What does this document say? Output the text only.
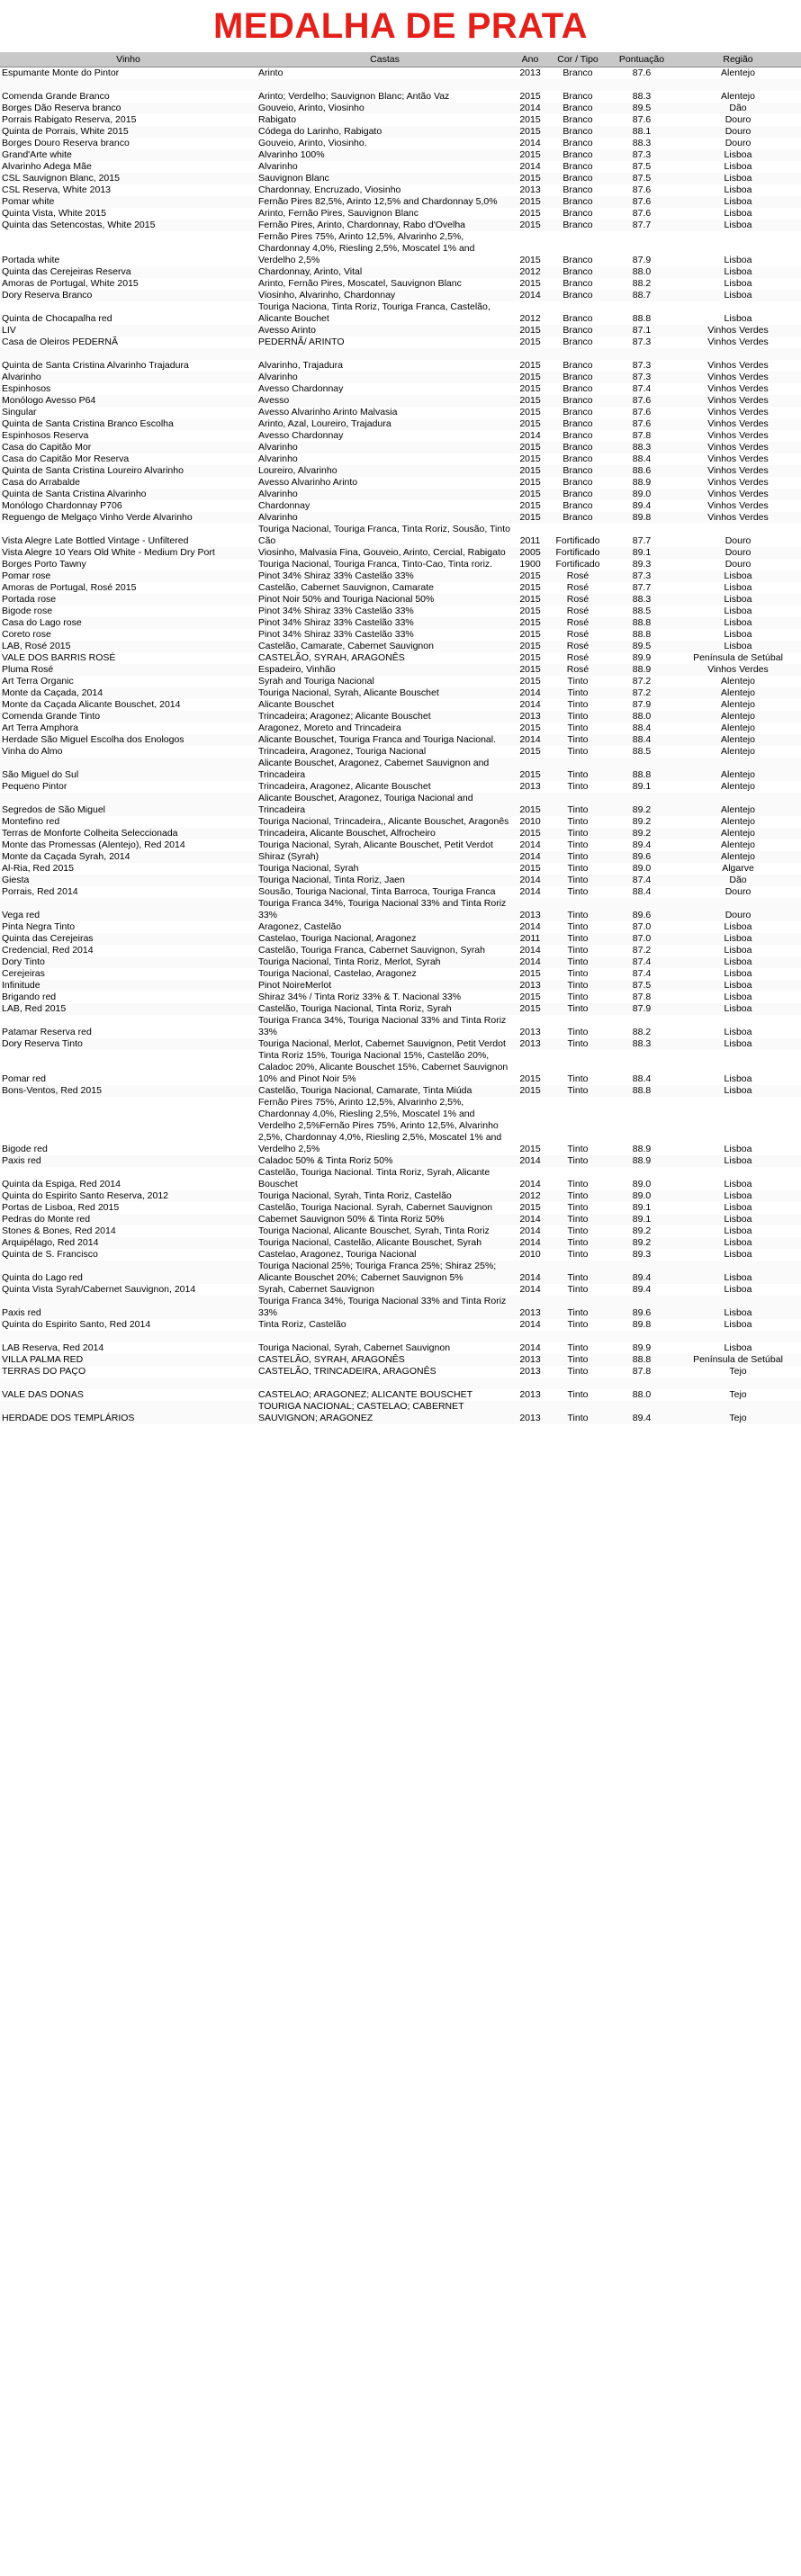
MEDALHA DE PRATA
Vinho	Castas	Ano	Cor / Tipo	Pontuação	Região
Espumante Monte do Pintor	Arinto	2013	Branco	87.6	Alentejo

Comenda Grande Branco	Arinto; Verdelho; Sauvignon Blanc; Antão Vaz	2015	Branco	88.3	Alentejo
Borges Dão Reserva branco	Gouveio, Arinto, Viosinho	2014	Branco	89.5	Dão
Porrais Rabigato Reserva, 2015	Rabigato	2015	Branco	87.6	Douro
Quinta de Porrais, White 2015	Códega do Larinho, Rabigato	2015	Branco	88.1	Douro
Borges Douro Reserva branco	Gouveio, Arinto, Viosinho.	2014	Branco	88.3	Douro
Grand'Arte white	Alvarinho 100%	2015	Branco	87.3	Lisboa
Alvarinho Adega Mãe	Alvarinho	2014	Branco	87.5	Lisboa
CSL Sauvignon Blanc, 2015	Sauvignon Blanc	2015	Branco	87.5	Lisboa
CSL Reserva, White 2013	Chardonnay, Encruzado, Viosinho	2013	Branco	87.6	Lisboa
Pomar white	Fernão Pires 82,5%, Arinto 12,5% and Chardonnay 5,0%	2015	Branco	87.6	Lisboa
Quinta Vista, White 2015	Arinto, Fernão Pires, Sauvignon Blanc	2015	Branco	87.6	Lisboa
Quinta das Setencostas, White 2015	Fernão Pires, Arinto, Chardonnay, Rabo d'Ovelha	2015	Branco	87.7	Lisboa
Portada white	Fernão Pires 75%, Arinto 12,5%, Alvarinho 2,5%, Chardonnay 4,0%, Riesling 2,5%, Moscatel 1% and Verdelho 2,5%	2015	Branco	87.9	Lisboa
Quinta das Cerejeiras Reserva	Chardonnay, Arinto, Vital	2012	Branco	88.0	Lisboa
Amoras de Portugal, White 2015	Arinto, Fernão Pires, Moscatel, Sauvignon Blanc	2015	Branco	88.2	Lisboa
Dory Reserva Branco	Viosinho, Alvarinho, Chardonnay	2014	Branco	88.7	Lisboa
Quinta de Chocapalha red	Touriga Naciona, Tinta Roriz, Touriga Franca, Castelão, Alicante Bouchet	2012	Branco	88.8	Lisboa
LIV	Avesso Arinto	2015	Branco	87.1	Vinhos Verdes
Casa de Oleiros PEDERNÃ	PEDERNÃ/ ARINTO	2015	Branco	87.3	Vinhos Verdes

Quinta de Santa Cristina Alvarinho Trajadura	Alvarinho, Trajadura	2015	Branco	87.3	Vinhos Verdes
Alvarinho	Alvarinho	2015	Branco	87.3	Vinhos Verdes
Espinhosos	Avesso Chardonnay	2015	Branco	87.4	Vinhos Verdes
Monólogo Avesso P64	Avesso	2015	Branco	87.6	Vinhos Verdes
Singular	Avesso Alvarinho Arinto Malvasia	2015	Branco	87.6	Vinhos Verdes
Quinta de Santa Cristina Branco Escolha	Arinto, Azal, Loureiro, Trajadura	2015	Branco	87.6	Vinhos Verdes
Espinhosos Reserva	Avesso Chardonnay	2014	Branco	87.8	Vinhos Verdes
Casa do Capitão Mor	Alvarinho	2015	Branco	88.3	Vinhos Verdes
Casa do Capitão Mor Reserva	Alvarinho	2015	Branco	88.4	Vinhos Verdes
Quinta de Santa Cristina Loureiro Alvarinho	Loureiro, Alvarinho	2015	Branco	88.6	Vinhos Verdes
Casa do Arrabalde	Avesso Alvarinho Arinto	2015	Branco	88.9	Vinhos Verdes
Quinta de Santa Cristina Alvarinho	Alvarinho	2015	Branco	89.0	Vinhos Verdes
Monólogo Chardonnay P706	Chardonnay	2015	Branco	89.4	Vinhos Verdes
Reguengo de Melgaço Vinho Verde Alvarinho	Alvarinho	2015	Branco	89.8	Vinhos Verdes
Vista Alegre Late Bottled Vintage - Unfiltered	Touriga Nacional, Touriga Franca, Tinta Roriz, Sousão, Tinto Cão	2011	Fortificado	87.7	Douro
Vista Alegre 10 Years Old White - Medium Dry Port	Viosinho, Malvasia Fina, Gouveio, Arinto, Cercial, Rabigato	2005	Fortificado	89.1	Douro
Borges Porto Tawny	Touriga Nacional, Touriga Franca, Tinto-Cao, Tinta roriz.	1900	Fortificado	89.3	Douro
Pomar rose	Pinot 34% Shiraz 33% Castelão 33%	2015	Rosé	87.3	Lisboa
Amoras de Portugal, Rosé 2015	Castelão, Cabernet Sauvignon, Camarate	2015	Rosé	87.7	Lisboa
Portada rose	Pinot Noir 50% and Touriga Nacional 50%	2015	Rosé	88.3	Lisboa
Bigode rose	Pinot 34% Shiraz 33% Castelão 33%	2015	Rosé	88.5	Lisboa
Casa do Lago rose	Pinot 34% Shiraz 33% Castelão 33%	2015	Rosé	88.8	Lisboa
Coreto rose	Pinot 34% Shiraz 33% Castelão 33%	2015	Rosé	88.8	Lisboa
LAB, Rosé 2015	Castelão, Camarate, Cabernet Sauvignon	2015	Rosé	89.5	Lisboa
VALE DOS BARRIS ROSÉ	CASTELÃO, SYRAH, ARAGONÊS	2015	Rosé	89.9	Península de Setúbal
Pluma Rosé	Espadeiro, Vinhão	2015	Rosé	88.9	Vinhos Verdes
Art Terra Organic	Syrah and Touriga Nacional	2015	Tinto	87.2	Alentejo
Monte da Caçada, 2014	Touriga Nacional, Syrah, Alicante Bouschet	2014	Tinto	87.2	Alentejo
Monte da Caçada Alicante Bouschet, 2014	Alicante Bouschet	2014	Tinto	87.9	Alentejo
Comenda Grande Tinto	Trincadeira; Aragonez; Alicante Bouschet	2013	Tinto	88.0	Alentejo
Art Terra Amphora	Aragonez, Moreto and Trincadeira	2015	Tinto	88.4	Alentejo
Herdade São Miguel Escolha dos Enologos	Alicante Bouschet, Touriga Franca and Touriga Nacional.	2014	Tinto	88.4	Alentejo
Vinha do Almo	Trincadeira, Aragonez, Touriga Nacional	2015	Tinto	88.5	Alentejo
São Miguel do Sul	Alicante Bouschet, Aragonez, Cabernet Sauvignon and Trincadeira	2015	Tinto	88.8	Alentejo
Pequeno Pintor	Trincadeira, Aragonez, Alicante Bouschet	2013	Tinto	89.1	Alentejo
Segredos de São Miguel	Alicante Bouschet, Aragonez, Touriga Nacional and Trincadeira	2015	Tinto	89.2	Alentejo
Montefino red	Touriga Nacional, Trincadeira,, Alicante Bouschet, Aragonês	2010	Tinto	89.2	Alentejo
Terras de Monforte Colheita Seleccionada	Trincadeira, Alicante Bouschet, Alfrocheiro	2015	Tinto	89.2	Alentejo
Monte das Promessas (Alentejo), Red 2014	Touriga Nacional, Syrah, Alicante Bouschet, Petit Verdot	2014	Tinto	89.4	Alentejo
Monte da Caçada Syrah, 2014	Shiraz (Syrah)	2014	Tinto	89.6	Alentejo
Al-Ria, Red 2015	Touriga Nacional, Syrah	2015	Tinto	89.0	Algarve
Giesta	Touriga Nacional, Tinta Roriz, Jaen	2014	Tinto	87.4	Dão
Porrais, Red 2014	Sousão, Touriga Nacional, Tinta Barroca, Touriga Franca	2014	Tinto	88.4	Douro
Vega red	Touriga Franca 34%, Touriga Nacional 33% and Tinta Roriz 33%	2013	Tinto	89.6	Douro
Pinta Negra Tinto	Aragonez, Castelão	2014	Tinto	87.0	Lisboa
Quinta das Cerejeiras	Castelao, Touriga Nacional, Aragonez	2011	Tinto	87.0	Lisboa
Credencial, Red 2014	Castelão, Touriga Franca, Cabernet Sauvignon, Syrah	2014	Tinto	87.2	Lisboa
Dory Tinto	Touriga Nacional, Tinta Roriz, Merlot, Syrah	2014	Tinto	87.4	Lisboa
Cerejeiras	Touriga Nacional, Castelao, Aragonez	2015	Tinto	87.4	Lisboa
Infinitude	Pinot NoirеMerlot	2013	Tinto	87.5	Lisboa
Brigando red	Shiraz 34% / Tinta Roriz 33% & T. Nacional 33%	2015	Tinto	87.8	Lisboa
LAB, Red 2015	Castelão, Touriga Nacional, Tinta Roriz, Syrah	2015	Tinto	87.9	Lisboa
Patamar Reserva red	Touriga Franca 34%, Touriga Nacional 33% and Tinta Roriz 33%	2013	Tinto	88.2	Lisboa
Dory Reserva Tinto	Touriga Nacional, Merlot, Cabernet Sauvignon, Petit Verdot	2013	Tinto	88.3	Lisboa
Pomar red	Tinta Roriz 15%, Touriga Nacional 15%, Castelão 20%, Caladoc 20%, Alicante Bouschet 15%, Cabernet Sauvignon 10% and Pinot Noir 5%	2015	Tinto	88.4	Lisboa
Bons-Ventos, Red 2015	Castelão, Touriga Nacional, Camarate, Tinta Miúda	2015	Tinto	88.8	Lisboa
Bigode red	Fernão Pires 75%, Arinto 12,5%, Alvarinho 2,5%, Chardonnay 4,0%, Riesling 2,5%, Moscatel 1% and Verdelho 2,5%Fernão Pires 75%, Arinto 12,5%, Alvarinho 2,5%, Chardonnay 4,0%, Riesling 2,5%, Moscatel 1% and Verdelho 2,5%	2015	Tinto	88.9	Lisboa
Paxis red	Caladoc 50% & Tinta Roriz 50%	2014	Tinto	88.9	Lisboa
Quinta da Espiga, Red 2014	Castelão, Touriga Nacional. Tinta Roriz, Syrah, Alicante Bouschet	2014	Tinto	89.0	Lisboa
Quinta do Espirito Santo Reserva, 2012	Touriga Nacional, Syrah, Tinta Roriz, Castelão	2012	Tinto	89.0	Lisboa
Portas de Lisboa, Red 2015	Castelão, Touriga Nacional. Syrah, Cabernet Sauvignon	2015	Tinto	89.1	Lisboa
Pedras do Monte red	Cabernet Sauvignon 50% & Tinta Roriz 50%	2014	Tinto	89.1	Lisboa
Stones & Bones, Red 2014	Touriga Nacional, Alicante Bouschet, Syrah, Tinta Roriz	2014	Tinto	89.2	Lisboa
Arquipélago, Red 2014	Touriga Nacional, Castelão, Alicante Bouschet, Syrah	2014	Tinto	89.2	Lisboa
Quinta de S. Francisco	Castelao, Aragonez, Touriga Nacional	2010	Tinto	89.3	Lisboa
Quinta do Lago red	Touriga Nacional 25%; Touriga Franca 25%; Shiraz 25%; Alicante Bouschet 20%; Cabernet Sauvignon 5%	2014	Tinto	89.4	Lisboa
Quinta Vista Syrah/Cabernet Sauvignon, 2014	Syrah, Cabernet Sauvignon	2014	Tinto	89.4	Lisboa
Paxis red	Touriga Franca 34%, Touriga Nacional 33% and Tinta Roriz 33%	2013	Tinto	89.6	Lisboa
Quinta do Espirito Santo, Red 2014	Tinta Roriz, Castelão	2014	Tinto	89.8	Lisboa

LAB Reserva, Red 2014	Touriga Nacional, Syrah, Cabernet Sauvignon	2014	Tinto	89.9	Lisboa
VILLA PALMA RED	CASTELÃO, SYRAH, ARAGONÊS	2013	Tinto	88.8	Península de Setúbal
TERRAS DO PAÇO	CASTELÃO, TRINCADEIRA, ARAGONÊS	2013	Tinto	87.8	Tejo

VALE DAS DONAS	CASTELAO; ARAGONEZ; ALICANTE BOUSCHET	2013	Tinto	88.0	Tejo
HERDADE DOS TEMPLÁRIOS	TOURIGA NACIONAL; CASTELAO; CABERNET SAUVIGNON; ARAGONEZ	2013	Tinto	89.4	Tejo
